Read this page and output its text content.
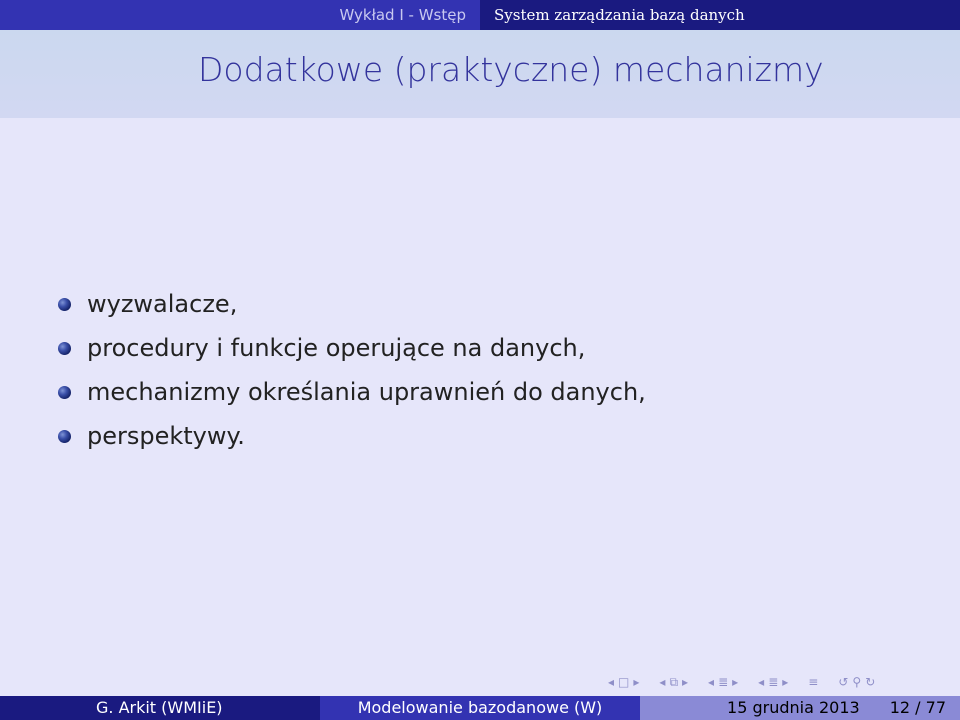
Wykład I - Wstęp	System zarządzania bazą danych
Dodatkowe (praktyczne) mechanizmy
wyzwalacze,
procedury i funkcje operujące na danych,
mechanizmy określania uprawnień do danych,
perspektywy.
◂ □ ▸ ◂ ⧉ ▸ ◂ ≣ ▸ ◂ ≣ ▸ ≡ ↺ ⚲ ↻
G. Arkit (WMIiE)	Modelowanie bazodanowe (W)	15 grudnia 2013 12 / 77
